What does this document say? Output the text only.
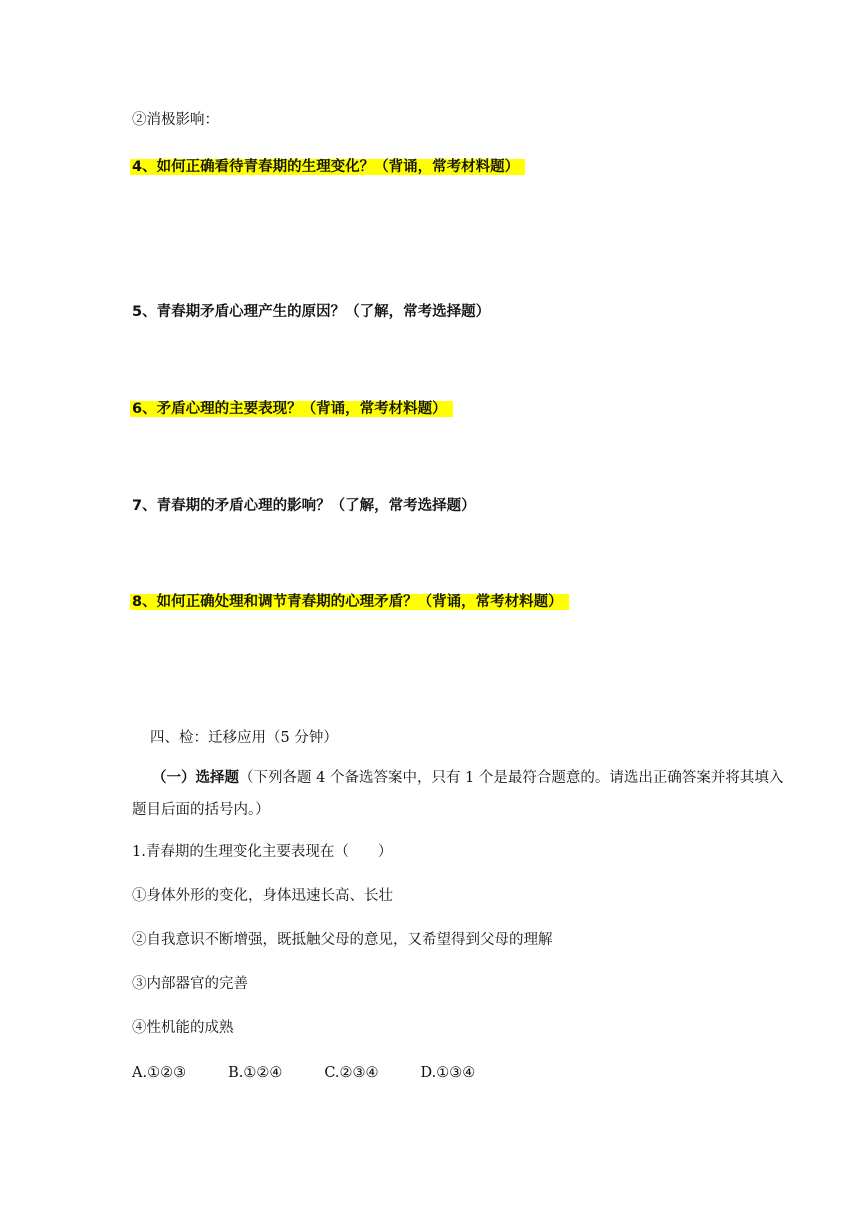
②消极影响：

4、如何正确看待青春期的生理变化？（背诵，常考材料题）

5、青春期矛盾心理产生的原因？（了解，常考选择题）

6、矛盾心理的主要表现？（背诵，常考材料题）

7、青春期的矛盾心理的影响？（了解，常考选择题）

8、如何正确处理和调节青春期的心理矛盾？（背诵，常考材料题）

四、检：迁移应用（5 分钟）

（一）选择题（下列各题 4 个备选答案中，只有 1 个是最符合题意的。请选出正确答案并将其填入题目后面的括号内。）

1.青春期的生理变化主要表现在（　　）

①身体外形的变化，身体迅速长高、长壮

②自我意识不断增强，既抵触父母的意见，又希望得到父母的理解

③内部器官的完善

④性机能的成熟

A.①②③	B.①②④	C.②③④	D.①③④
